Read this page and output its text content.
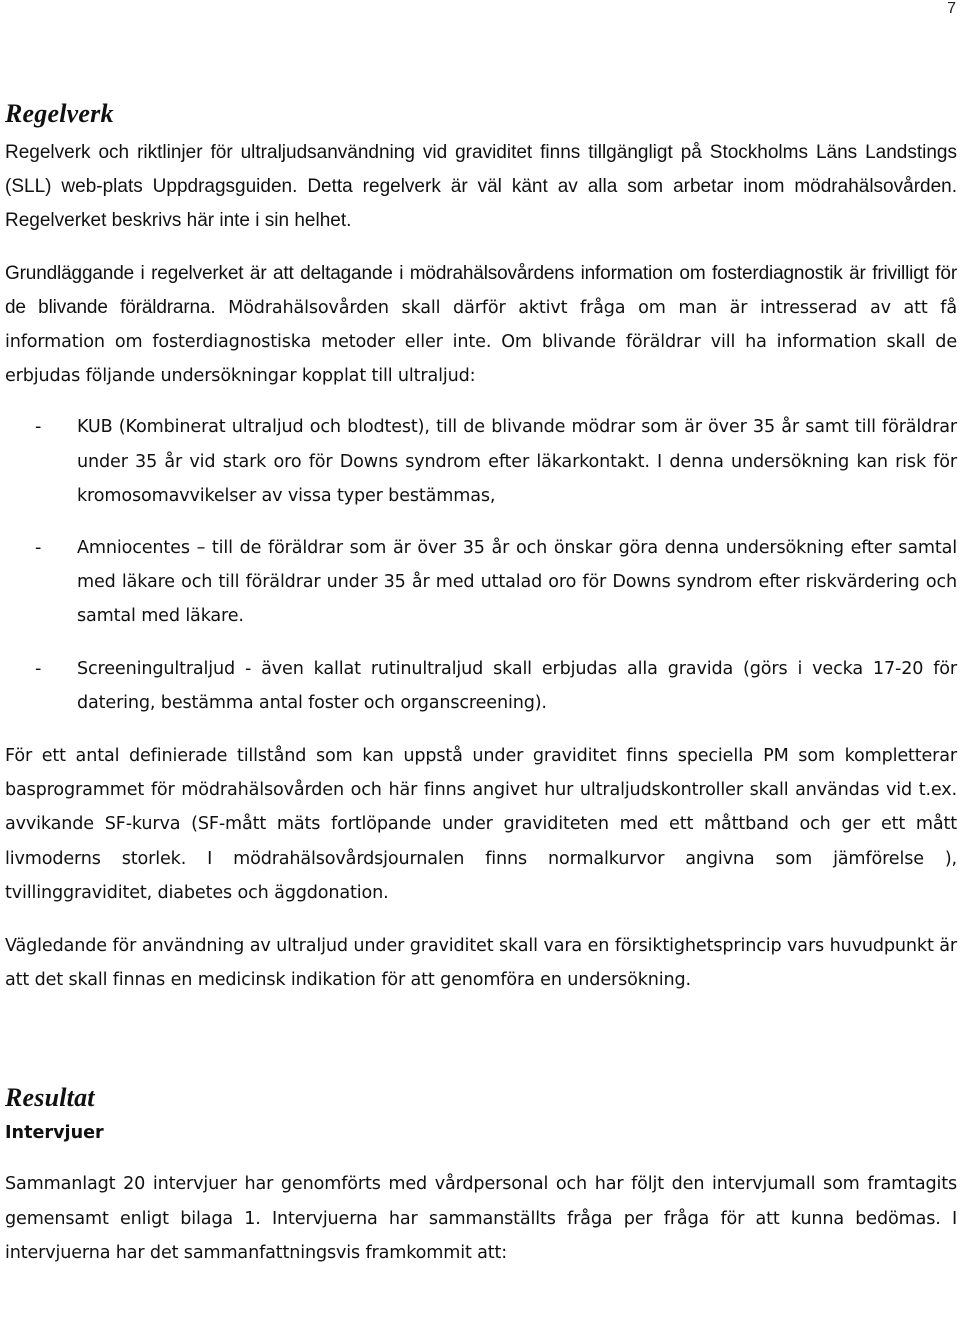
7
Regelverk

Regelverk och riktlinjer för ultraljudsanvändning vid graviditet finns tillgängligt på Stockholms Läns Landstings (SLL) web-plats Uppdragsguiden. Detta regelverk är väl känt av alla som arbetar inom mödrahälsovården. Regelverket beskrivs här inte i sin helhet.

Grundläggande i regelverket är att deltagande i mödrahälsovårdens information om fosterdiagnostik är frivilligt för de blivande föräldrarna. Mödrahälsovården skall därför aktivt fråga om man är intresserad av att få information om fosterdiagnostiska metoder eller inte. Om blivande föräldrar vill ha information skall de erbjudas följande undersökningar kopplat till ultraljud:

- KUB (Kombinerat ultraljud och blodtest), till de blivande mödrar som är över 35 år samt till föräldrar under 35 år vid stark oro för Downs syndrom efter läkarkontakt. I denna undersökning kan risk för kromosomavvikelser av vissa typer bestämmas,
- Amniocentes – till de föräldrar som är över 35 år och önskar göra denna undersökning efter samtal med läkare och till föräldrar under 35 år med uttalad oro för Downs syndrom efter riskvärdering och samtal med läkare.
- Screeningultraljud - även kallat rutinultraljud skall erbjudas alla gravida (görs i vecka 17-20 för datering, bestämma antal foster och organscreening).

För ett antal definierade tillstånd som kan uppstå under graviditet finns speciella PM som kompletterar basprogrammet för mödrahälsovården och här finns angivet hur ultraljudskontroller skall användas vid t.ex. avvikande SF-kurva (SF-mått mäts fortlöpande under graviditeten med ett måttband och ger ett mått livmoderns storlek. I mödrahälsovårdsjournalen finns normalkurvor angivna som jämförelse ), tvillinggraviditet, diabetes och äggdonation.

Vägledande för användning av ultraljud under graviditet skall vara en försiktighetsprincip vars huvudpunkt är att det skall finnas en medicinsk indikation för att genomföra en undersökning.

Resultat
Intervjuer

Sammanlagt 20 intervjuer har genomförts med vårdpersonal och har följt den intervjumall som framtagits gemensamt enligt bilaga 1. Intervjuerna har sammanställts fråga per fråga för att kunna bedömas. I intervjuerna har det sammanfattningsvis framkommit att:
